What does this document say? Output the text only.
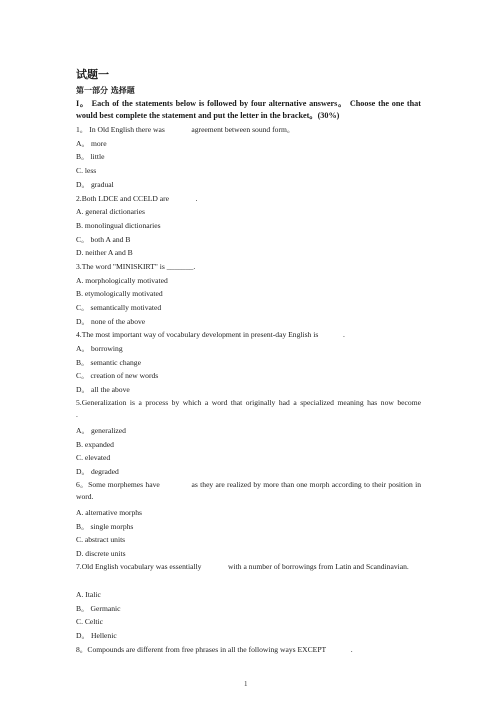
试题一
第一部分 选择题
I。 Each of the statements below is followed by four alternative answers。 Choose the one that would best complete the statement and put the letter in the bracket。(30%)
1。 In Old English there was              agreement between sound form。
A。 more
B。 little
C. less
D。 gradual
2.Both LDCE and CCELD are              .
A. general dictionaries
B. monolingual dictionaries
C。 both A and B
D. neither A and B
3.The word "MINISKIRT" is _______.
A. morphologically motivated
B. etymologically motivated
C。 semantically motivated
D。 none of the above
4.The most important way of vocabulary development in present-day English is             .
A。 borrowing
B。 semantic change
C。 creation of new words
D。 all the above
5.Generalization is a process by which a word that originally had a specialized meaning has now become              .
A。 generalized
B. expanded
C. elevated
D。 degraded
6。Some morphemes have              as they are realized by more than one morph according to their position in word.
A. alternative morphs
B。 single morphs
C. abstract units
D. discrete units
7.Old English vocabulary was essentially              with a number of borrowings from Latin and Scandinavian.
A. Italic
B。 Germanic
C. Celtic
D。 Hellenic
8。Compounds are different from free phrases in all the following ways EXCEPT             .
1
